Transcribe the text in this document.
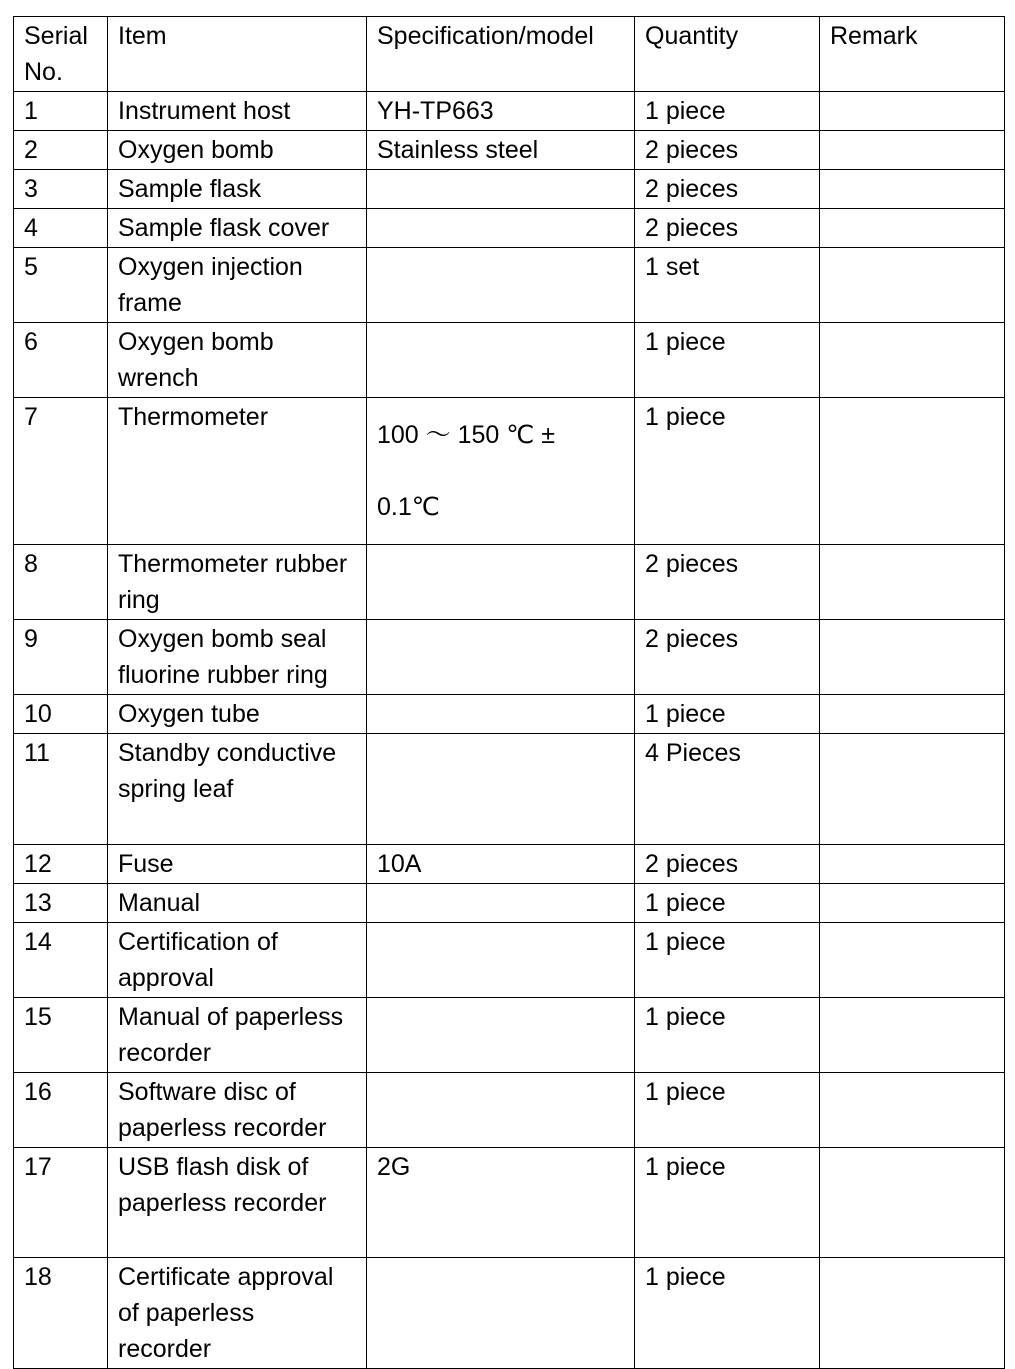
Serial No.	Item	Specification/model	Quantity	Remark
1	Instrument host	YH-TP663	1 piece	
2	Oxygen bomb	Stainless steel	2 pieces	
3	Sample flask		2 pieces	
4	Sample flask cover		2 pieces	
5	Oxygen injection frame		1 set	
6	Oxygen bomb wrench		1 piece	
7	Thermometer	100 ～ 150 ℃ ± 0.1℃	1 piece	
8	Thermometer rubber ring		2 pieces	
9	Oxygen bomb seal fluorine rubber ring		2 pieces	
10	Oxygen tube		1 piece	
11	Standby conductive spring leaf		4 Pieces	
12	Fuse	10A	2 pieces	
13	Manual		1 piece	
14	Certification of approval		1 piece	
15	Manual of paperless recorder		1 piece	
16	Software disc of paperless recorder		1 piece	
17	USB flash disk of paperless recorder	2G	1 piece	
18	Certificate approval of paperless recorder		1 piece	
